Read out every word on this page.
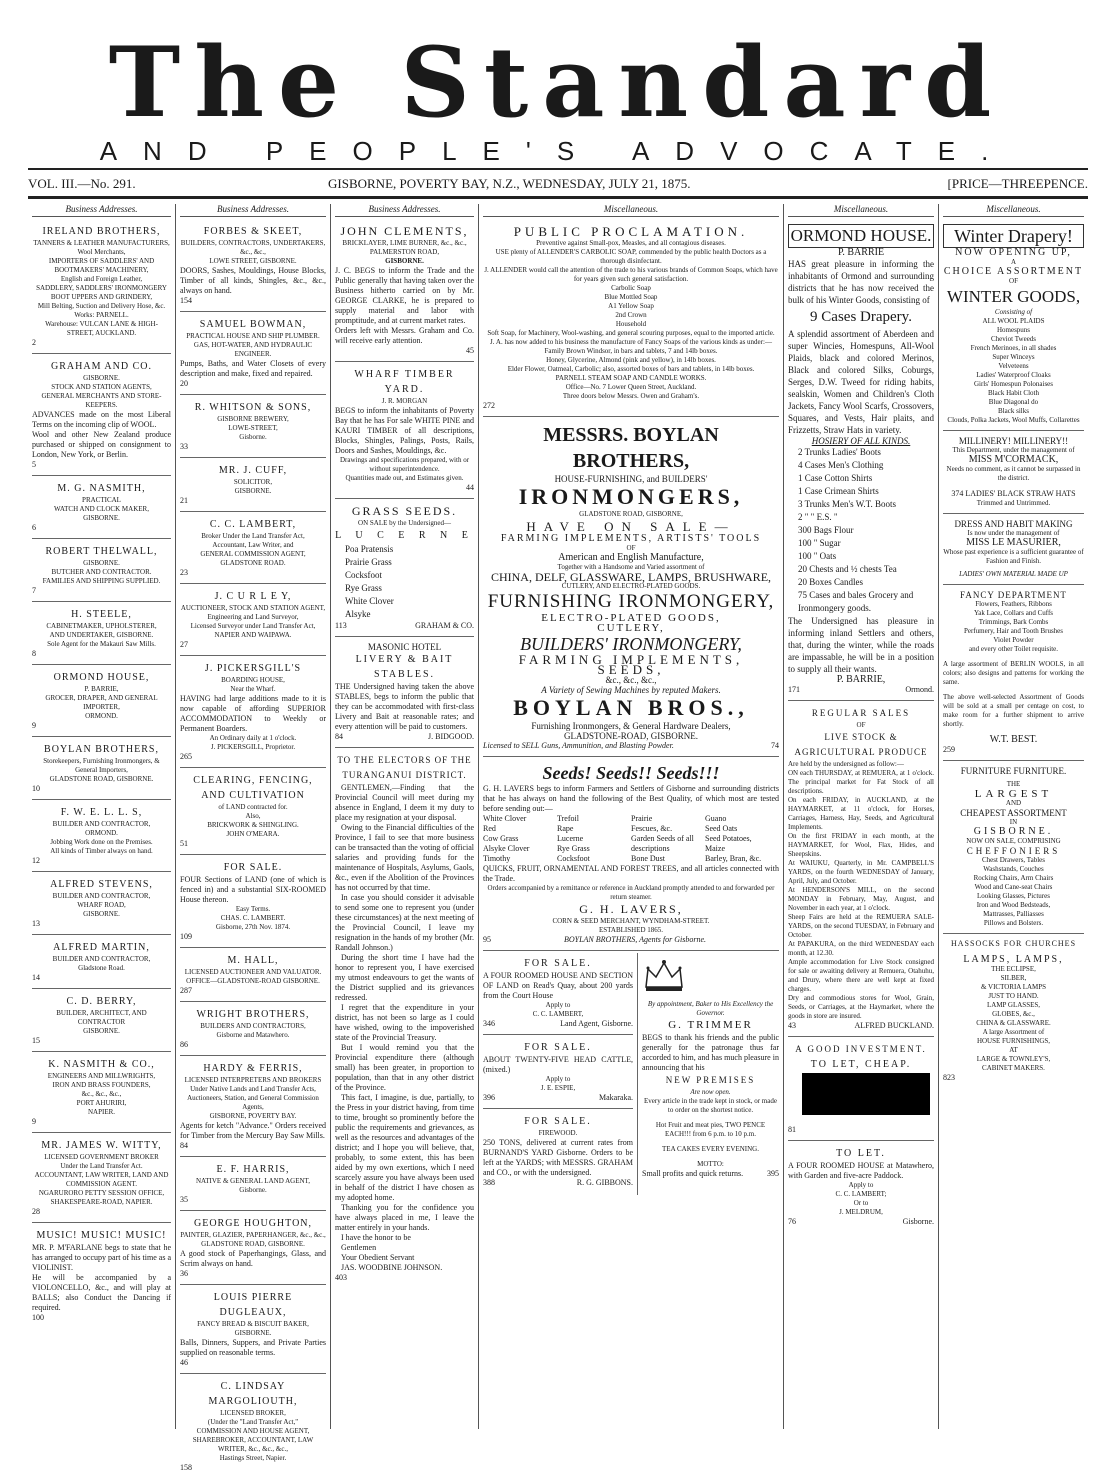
The Standard
AND PEOPLE'S ADVOCATE.
VOL. III.—No. 291.	GISBORNE, POVERTY BAY, N.Z., WEDNESDAY, JULY 21, 1875.	[PRICE—THREEPENCE.
Business Addresses.
IRELAND BROTHERS,
TANNERS & LEATHER MANUFACTURERS,
Wool Merchants,
IMPORTERS OF SADDLERS' AND BOOTMAKERS' MACHINERY,
English and Foreign Leather,
SADDLERY, SADDLERS' IRONMONGERY
BOOT UPPERS AND GRINDERY,
Mill Belting, Suction and Delivery Hose, &c.
Works: PARNELL.
Warehouse: VULCAN LANE & HIGH-STREET, AUCKLAND.
2
GRAHAM AND CO.
GISBORNE.
STOCK AND STATION AGENTS,
GENERAL MERCHANTS AND STORE-KEEPERS.
ADVANCES made on the most Liberal Terms on the incoming clip of WOOL.
Wool and other New Zealand produce purchased or shipped on consignment to London, New York, or Berlin.
5
M. G. NASMITH,
PRACTICAL
WATCH AND CLOCK MAKER,
GISBORNE.
6
ROBERT THELWALL,
GISBORNE.
BUTCHER AND CONTRACTOR.
FAMILIES AND SHIPPING SUPPLIED.
7
H. STEELE,
CABINETMAKER, UPHOLSTERER,
AND UNDERTAKER, GISBORNE.
Sole Agent for the Makauri Saw Mills.
8
ORMOND HOUSE,
P. BARRIE,
GROCER, DRAPER, AND GENERAL IMPORTER,
ORMOND.
9
BOYLAN BROTHERS,
Storekeepers, Furnishing Ironmongers, & General Importers,
GLADSTONE ROAD, GISBORNE.
10
F. W. E. L. L. S,
BUILDER AND CONTRACTOR,
ORMOND.
Jobbing Work done on the Premises.
All kinds of Timber always on hand.
12
ALFRED STEVENS,
BUILDER AND CONTRACTOR,
WHARF ROAD,
GISBORNE.
13
ALFRED MARTIN,
BUILDER AND CONTRACTOR,
Gladstone Road.
14
C. D. BERRY,
BUILDER, ARCHITECT, AND CONTRACTOR
GISBORNE.
15
K. NASMITH & CO.,
ENGINEERS AND MILLWRIGHTS,
IRON AND BRASS FOUNDERS,
&c., &c., &c.,
PORT AHURIRI,
NAPIER.
9
MR. JAMES W. WITTY,
LICENSED GOVERNMENT BROKER
Under the Land Transfer Act.
ACCOUNTANT, LAW WRITER, LAND AND COMMISSION AGENT.
NGARURORO PETTY SESSION OFFICE, SHAKESPEARE-ROAD, NAPIER.
28
MUSIC! MUSIC! MUSIC!
MR. P. M'FARLANE begs to state that he has arranged to occupy part of his time as a VIOLINIST.
He will be accompanied by a VIOLONCELLO, &c., and will play at BALLS; also Conduct the Dancing if required.
100
Business Addresses.
FORBES & SKEET,
BUILDERS, CONTRACTORS, UNDERTAKERS, &c., &c.,
LOWE STREET, GISBORNE.
DOORS, Sashes, Mouldings, House Blocks, Timber of all kinds, Shingles, &c., &c., always on hand.
154
SAMUEL BOWMAN,
PRACTICAL HOUSE AND SHIP PLUMBER.
GAS, HOT-WATER, AND HYDRAULIC ENGINEER.
Pumps, Baths, and Water Closets of every description and make, fixed and repaired.
20
R. WHITSON & SONS,
GISBORNE BREWERY,
LOWE-STREET,
Gisborne.
33
MR. J. CUFF,
SOLICITOR,
GISBORNE.
21
C. C. LAMBERT,
Broker Under the Land Transfer Act,
Accountant, Law Writer, and
GENERAL COMMISSION AGENT,
GLADSTONE ROAD.
23
J. C U R L E Y,
AUCTIONEER, STOCK AND STATION AGENT,
Engineering and Land Surveyor,
Licensed Surveyor under Land Transfer Act,
NAPIER AND WAIPAWA.
27
J. PICKERSGILL'S
BOARDING HOUSE,
Near the Wharf.
HAVING had large additions made to it is now capable of affording SUPERIOR ACCOMMODATION to Weekly or Permanent Boarders.
An Ordinary daily at 1 o'clock.
J. PICKERSGILL, Proprietor.
265
CLEARING, FENCING, AND CULTIVATION
of LAND contracted for.
Also,
BRICKWORK & SHINGLING.
JOHN O'MEARA.
51
FOR SALE.
FOUR Sections of LAND (one of which is fenced in) and a substantial SIX-ROOMED House thereon.
Easy Terms.
CHAS. C. LAMBERT.
Gisborne, 27th Nov. 1874.
109
M. HALL,
LICENSED AUCTIONEER AND VALUATOR.
OFFICE—GLADSTONE-ROAD GISBORNE.
287
WRIGHT BROTHERS,
BUILDERS AND CONTRACTORS,
Gisborne and Matawhero.
86
HARDY & FERRIS,
LICENSED INTERPRETERS AND BROKERS
Under Native Lands and Land Transfer Acts,
Auctioneers, Station, and General Commission Agents,
GISBORNE, POVERTY BAY.
Agents for ketch "Advance." Orders received for Timber from the Mercury Bay Saw Mills.
84
E. F. HARRIS,
NATIVE & GENERAL LAND AGENT,
Gisborne.
35
GEORGE HOUGHTON,
PAINTER, GLAZIER, PAPERHANGER, &c., &c.,
GLADSTONE ROAD, GISBORNE.
A good stock of Paperhangings, Glass, and Scrim always on hand.
36
LOUIS PIERRE DUGLEAUX,
FANCY BREAD & BISCUIT BAKER,
GISBORNE.
Balls, Dinners, Suppers, and Private Parties supplied on reasonable terms.
46
C. LINDSAY MARGOLIOUTH,
LICENSED BROKER,
(Under the "Land Transfer Act,"
COMMISSION AND HOUSE AGENT,
SHAREBROKER, ACCOUNTANT, LAW WRITER, &c., &c., &c.,
Hastings Street, Napier.
158
Business Addresses.
JOHN CLEMENTS,
BRICKLAYER, LIME BURNER, &c., &c.,
PALMERSTON ROAD,
GISBORNE.
J. C. BEGS to inform the Trade and the Public generally that having taken over the Business hitherto carried on by Mr. GEORGE CLARKE, he is prepared to supply material and labor with promptitude, and at current market rates.
Orders left with Messrs. Graham and Co. will receive early attention.
45
WHARF TIMBER YARD.
J. R. MORGAN
BEGS to inform the inhabitants of Poverty Bay that he has For sale WHITE PINE and KAURI TIMBER of all descriptions, Blocks, Shingles, Palings, Posts, Rails, Doors and Sashes, Mouldings, &c.
Drawings and specifications prepared, with or without superintendence.
Quantities made out, and Estimates given.
44
GRASS SEEDS.
ON SALE by the Undersigned—
L U C E R N E
Poa Pratensis
Prairie Grass
Cocksfoot
Rye Grass
White Clover
Alsyke
113	GRAHAM & CO.
MASONIC HOTEL
LIVERY & BAIT STABLES.
THE Undersigned having taken the above STABLES, begs to inform the public that they can be accommodated with first-class Livery and Bait at reasonable rates; and every attention will be paid to customers.
84	J. BIDGOOD.
TO THE ELECTORS OF THE TURANGANUI DISTRICT.
GENTLEMEN,—Finding that the Provincial Council will meet during my absence in England, I deem it my duty to place my resignation at your disposal.
Owing to the Financial difficulties of the Province, I fail to see that more business can be transacted than the voting of official salaries and providing funds for the maintenance of Hospitals, Asylums, Gaols, &c., even if the Abolition of the Provinces has not occurred by that time.
In case you should consider it advisable to send some one to represent you (under these circumstances) at the next meeting of the Provincial Council, I leave my resignation in the hands of my brother (Mr. Randall Johnson.)
During the short time I have had the honor to represent you, I have exercised my utmost endeavours to get the wants of the District supplied and its grievances redressed.
I regret that the expenditure in your district, has not been so large as I could have wished, owing to the impoverished state of the Provincial Treasury.
But I would remind you that the Provincial expenditure there (although small) has been greater, in proportion to population, than that in any other district of the Province.
This fact, I imagine, is due, partially, to the Press in your district having, from time to time, brought so prominently before the public the requirements and grievances, as well as the resources and advantages of the district; and I hope you will believe, that, probably, to some extent, this has been aided by my own exertions, which I need scarcely assure you have always been used in behalf of the district I have chosen as my adopted home.
Thanking you for the confidence you have always placed in me, I leave the matter entirely in your hands.
I have the honor to be
Gentlemen
Your Obedient Servant
JAS. WOODBINE JOHNSON.
403
Miscellaneous.
PUBLIC PROCLAMATION.
Preventive against Small-pox, Measles, and all contagious diseases.
USE plenty of ALLENDER'S CARBOLIC SOAP, commended by the public health Doctors as a thorough disinfectant.
J. ALLENDER would call the attention of the trade to his various brands of Common Soaps, which have for years given such general satisfaction.
Carbolic Soap
Blue Mottled Soap
A1 Yellow Soap
2nd Crown
Household
Soft Soap, for Machinery, Wool-washing, and general scouring purposes, equal to the imported article.
J. A. has now added to his business the manufacture of Fancy Soaps of the various kinds as under:—
Family Brown Windsor, in bars and tablets, 7 and 14lb boxes.
Honey, Glycerine, Almond (pink and yellow), in 14lb boxes.
Elder Flower, Oatmeal, Carbolic; also, assorted boxes of bars and tablets, in 14lb boxes.
PARNELL STEAM SOAP AND CANDLE WORKS.
Office—No. 7 Lower Queen Street, Auckland.
Three doors below Messrs. Owen and Graham's.
272
MESSRS. BOYLAN BROTHERS,
HOUSE-FURNISHING, and BUILDERS'
IRONMONGERS,
GLADSTONE ROAD, GISBORNE,
HAVE ON SALE—
FARMING IMPLEMENTS, ARTISTS' TOOLS
OF
American and English Manufacture,
Together with a Handsome and Varied assortment of
CHINA, DELF, GLASSWARE, LAMPS, BRUSHWARE,
CUTLERY, AND ELECTRO-PLATED GOODS.
FURNISHING IRONMONGERY,
ELECTRO-PLATED GOODS,
CUTLERY,
BUILDERS' IRONMONGERY,
FARMING IMPLEMENTS, SEEDS,
&c., &c., &c.,
A Variety of Sewing Machines by reputed Makers.
BOYLAN BROS.,
Furnishing Ironmongers, & General Hardware Dealers,
GLADSTONE-ROAD, GISBORNE.
Licensed to SELL Guns, Ammunition, and Blasting Powder.	74
Seeds! Seeds!! Seeds!!!
G. H. LAVERS begs to inform Farmers and Settlers of Gisborne and surrounding districts that he has always on hand the following of the Best Quality, of which most are tested before sending out:—
White Clover	Trefoil	Prairie	Guano
Red	Rape	Fescues, &c.	Seed Oats
Cow Grass	Lucerne	Garden Seeds of all	Seed Potatoes,
Alsyke Clover	Rye Grass	descriptions	Maize
Timothy	Cocksfoot	Bone Dust	Barley, Bran, &c.
QUICKS, FRUIT, ORNAMENTAL AND FOREST TREES, and all articles connected with the Trade.
Orders accompanied by a remittance or reference in Auckland promptly attended to and forwarded per return steamer.
G. H. LAVERS,
CORN & SEED MERCHANT, WYNDHAM-STREET.
ESTABLISHED 1865.
95	BOYLAN BROTHERS, Agents for Gisborne.
FOR SALE.
A FOUR ROOMED HOUSE AND SECTION OF LAND on Read's Quay, about 200 yards from the Court House
Apply to
C. C. LAMBERT,
346	Land Agent, Gisborne.
FOR SALE.
ABOUT TWENTY-FIVE HEAD CATTLE, (mixed.)
Apply to
J. E. ESPIE,
396	Makaraka.
FOR SALE.
FIREWOOD.
250 TONS, delivered at current rates from BURNAND'S YARD Gisborne. Orders to be left at the YARDS; with MESSRS. GRAHAM and CO., or with the undersigned.
388	R. G. GIBBONS.
By appointment, Baker to His Excellency the Governor.
G. TRIMMER
BEGS to thank his friends and the public generally for the patronage thus far accorded to him, and has much pleasure in announcing that his
NEW PREMISES
Are now open.
Every article in the trade kept in stock, or made to order on the shortest notice.
Hot Fruit and meat pies, TWO PENCE EACH!!! from 6 p.m. to 10 p.m.
TEA CAKES EVERY EVENING.
MOTTO:
Small profits and quick returns.	395
Miscellaneous.
ORMOND HOUSE.
P. BARRIE
HAS great pleasure in informing the inhabitants of Ormond and surrounding districts that he has now received the bulk of his Winter Goods, consisting of
9 Cases Drapery.
A splendid assortment of Aberdeen and super Wincies, Homespuns, All-Wool Plaids, black and colored Merinos, Black and colored Silks, Coburgs, Serges, D.W. Tweed for riding habits, sealskin, Women and Children's Cloth Jackets, Fancy Wool Scarfs, Crossovers, Squares, and Vests, Hair plaits, and Frizzetts, Straw Hats in variety.
HOSIERY OF ALL KINDS.
2 Trunks Ladies' Boots
4 Cases Men's Clothing
1 Case Cotton Shirts
1 Case Crimean Shirts
3 Trunks Men's W.T. Boots
2 " " E.S. "
300 Bags Flour
100 " Sugar
100 " Oats
20 Chests and ½ chests Tea
20 Boxes Candles
75 Cases and bales Grocery and Ironmongery goods.
The Undersigned has pleasure in informing inland Settlers and others, that, during the winter, while the roads are impassable, he will be in a position to supply all their wants.
P. BARRIE,
171	Ormond.
REGULAR SALES
OF
LIVE STOCK & AGRICULTURAL PRODUCE
Are held by the undersigned as follow:—
ON each THURSDAY, at REMUERA, at 1 o'clock. The principal market for Fat Stock of all descriptions.
On each FRIDAY, in AUCKLAND, at the HAYMARKET, at 11 o'clock, for Horses, Carriages, Harness, Hay, Seeds, and Agricultural Implements.
On the first FRIDAY in each month, at the HAYMARKET, for Wool, Flax, Hides, and Sheepskins.
At WAIUKU, Quarterly, in Mr. CAMPBELL'S YARDS, on the fourth WEDNESDAY of January, April, July, and October.
At HENDERSON'S MILL, on the second MONDAY in February, May, August, and November in each year, at 1 o'clock.
Sheep Fairs are held at the REMUERA SALE-YARDS, on the second TUESDAY, in February and October.
At PAPAKURA, on the third WEDNESDAY each month, at 12.30.
Ample accommodation for Live Stock consigned for sale or awaiting delivery at Remuera, Otahuhu, and Drury, where there are well kept at fixed charges.
Dry and commodious stores for Wool, Grain, Seeds, or Carriages, at the Haymarket, where the goods in store are insured.
43	ALFRED BUCKLAND.
A GOOD INVESTMENT.
TO LET, CHEAP.
81
TO LET.
A FOUR ROOMED HOUSE at Matawhero, with Garden and five-acre Paddock.
Apply to
C. C. LAMBERT;
Or to
J. MELDRUM,
76	Gisborne.
Miscellaneous.
Winter Drapery!
NOW OPENING UP,
A
CHOICE ASSORTMENT
OF
WINTER GOODS,
Consisting of
ALL WOOL PLAIDS
Homespuns
Cheviot Tweeds
French Merinoes, in all shades
Super Winceys
Velveteens
Ladies' Waterproof Cloaks
Girls' Homespun Polonaises
Black Habit Cloth
Blue Diagonal do
Black silks
Clouds, Polka Jackets, Wool Muffs, Collarettes
MILLINERY! MILLINERY!!
This Department, under the management of
MISS M'CORMACK,
Needs no comment, as it cannot be surpassed in the district.
374 LADIES' BLACK STRAW HATS
Trimmed and Untrimmed.
DRESS AND HABIT MAKING
Is now under the management of
MISS LE MASURIER,
Whose past experience is a sufficient guarantee of Fashion and Finish.
LADIES' OWN MATERIAL MADE UP
FANCY DEPARTMENT
Flowers, Feathers, Ribbons
Yak Lace, Collars and Cuffs
Trimmings, Bark Combs
Perfumery, Hair and Tooth Brushes
Violet Powder
and every other Toilet requisite.
A large assortment of BERLIN WOOLS, in all colors; also designs and patterns for working the same.
The above well-selected Assortment of Goods will be sold at a small per centage on cost, to make room for a further shipment to arrive shortly.
W.T. BEST.
259
FURNITURE FURNITURE.
THE
LARGEST
AND
CHEAPEST ASSORTMENT
IN
GISBORNE.
NOW ON SALE, COMPRISING
CHEFFONIERS
Chest Drawers, Tables
Washstands, Couches
Rocking Chairs, Arm Chairs
Wood and Cane-seat Chairs
Looking Glasses, Pictures
Iron and Wood Bedsteads,
Mattrasses, Palliasses
Pillows and Bolsters.
HASSOCKS FOR CHURCHES
LAMPS, LAMPS,
THE ECLIPSE,
SILBER,
& VICTORIA LAMPS
JUST TO HAND.
LAMP GLASSES,
GLOBES, &c.,
CHINA & GLASSWARE.
A large Assortment of
HOUSE FURNISHINGS,
AT
LARGE & TOWNLEY'S,
CABINET MAKERS.
823
